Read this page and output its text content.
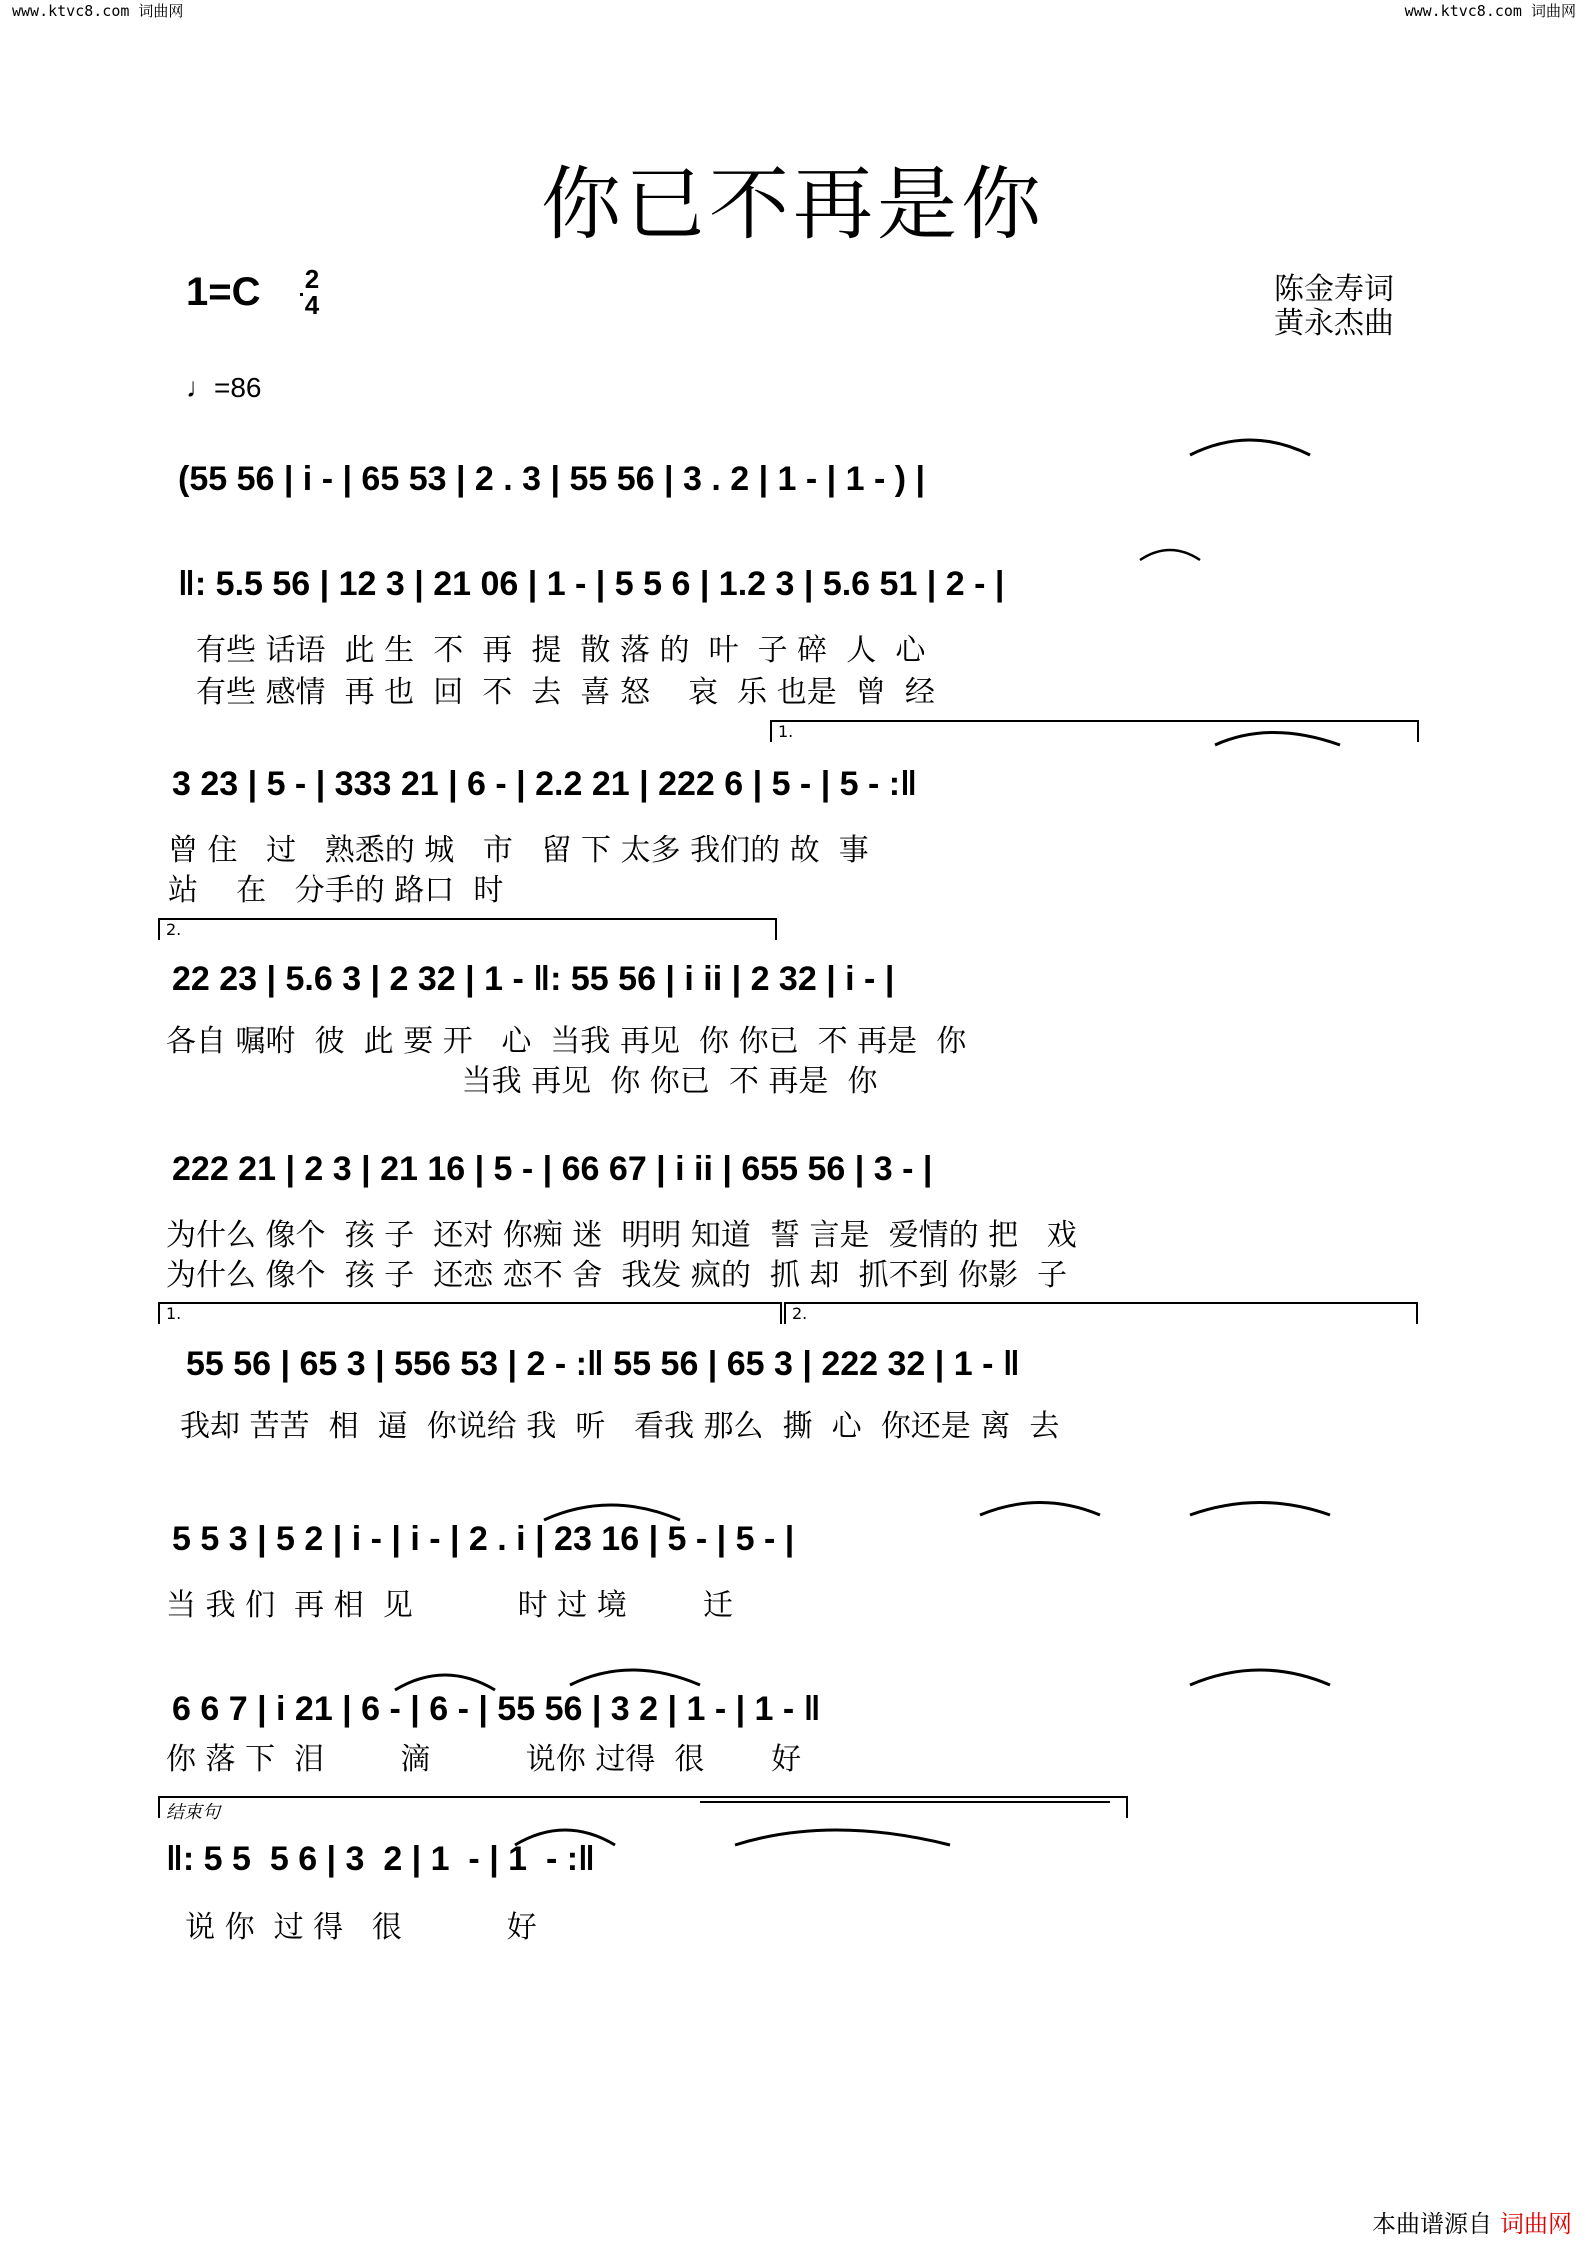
www.ktvc8.com 词曲网	www.ktvc8.com 词曲网
你已不再是你
1=C 2
4
♩=86
陈金寿词
黄永杰曲
(55 56 | i - | 65 53 | 2 . 3 | 55 56 | 3 . 2 | 1 - | 1 - ) |
‖: 5.5 56 | 12 3 | 21 06 | 1 - | 5 5 6 | 1.2 3 | 5.6 51 | 2 - |
有些 话语  此 生  不  再  提  散 落 的  叶  子 碎  人  心
有些 感情  再 也  回  不  去  喜 怒    哀  乐 也是  曾  经
3 23 | 5 - | 333 21 | 6 - | 2.2 21 | 222 6 | 5 - | 5 - :‖
曾 住   过   熟悉的 城   市   留 下 太多 我们的 故  事
站    在   分手的 路口  时
1.
2.
22 23 | 5.6 3 | 2 32 | 1 - ‖: 55 56 | i ii | 2 32 | i - |
各自 嘱咐  彼  此 要 开   心  当我 再见  你 你已  不 再是  你
当我 再见  你 你已  不 再是  你
222 21 | 2 3 | 21 16 | 5 - | 66 67 | i ii | 655 56 | 3 - |
为什么 像个  孩 子  还对 你痴 迷  明明 知道  誓 言是  爱情的 把   戏
为什么 像个  孩 子  还恋 恋不 舍  我发 疯的  抓 却  抓不到 你影  子
1.	2.
55 56 | 65 3 | 556 53 | 2 - :‖ 55 56 | 65 3 | 222 32 | 1 - ‖
我却 苦苦  相  逼  你说给 我  听   看我 那么  撕  心  你还是 离  去
5 5 3 | 5 2 | i - | i - | 2 . i | 23 16 | 5 - | 5 - |
当 我 们  再 相  见           时 过 境        迁
6 6 7 | i 21 | 6 - | 6 - | 55 56 | 3 2 | 1 - | 1 - ‖
你 落 下  泪        滴          说你 过得  很       好
结束句
‖: 5 5  5 6 | 3  2 | 1  - | 1  - :‖
说 你  过 得   很           好
本曲谱源自 词曲网
